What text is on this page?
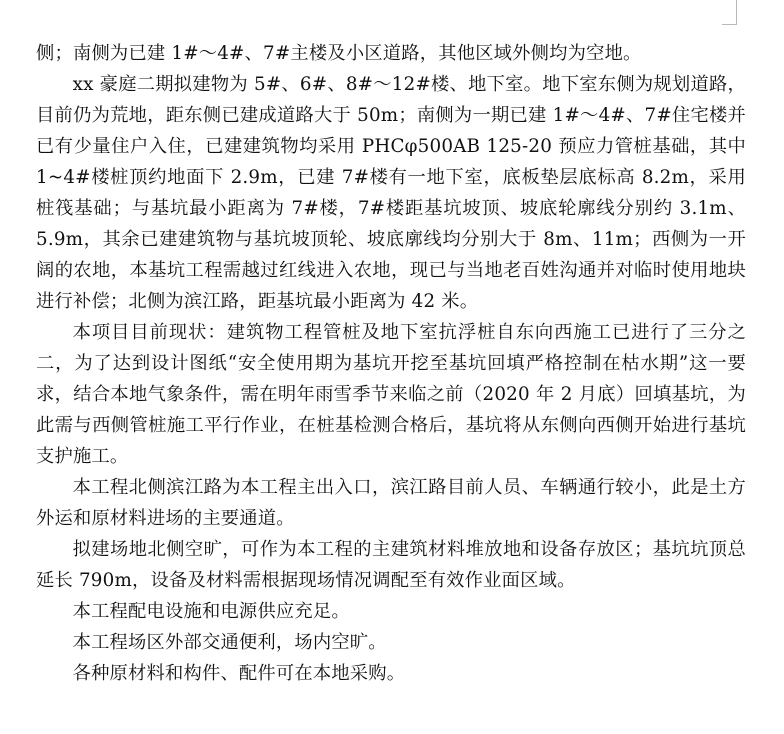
侧；南侧为已建 1#～4#、7#主楼及小区道路，其他区域外侧均为空地。

xx 豪庭二期拟建物为 5#、6#、8#～12#楼、地下室。地下室东侧为规划道路，目前仍为荒地，距东侧已建成道路大于 50m；南侧为一期已建 1#～4#、7#住宅楼并已有少量住户入住，已建建筑物均采用 PHCφ500AB 125-20 预应力管桩基础，其中 1~4#楼桩顶约地面下 2.9m，已建 7#楼有一地下室，底板垫层底标高 8.2m，采用桩筏基础；与基坑最小距离为 7#楼，7#楼距基坑坡顶、坡底轮廓线分别约 3.1m、5.9m，其余已建建筑物与基坑坡顶轮、坡底廓线均分别大于 8m、11m；西侧为一开阔的农地，本基坑工程需越过红线进入农地，现已与当地老百姓沟通并对临时使用地块进行补偿；北侧为滨江路，距基坑最小距离为 42 米。

本项目目前现状：建筑物工程管桩及地下室抗浮桩自东向西施工已进行了三分之二，为了达到设计图纸“安全使用期为基坑开挖至基坑回填严格控制在枯水期”这一要求，结合本地气象条件，需在明年雨雪季节来临之前（2020 年 2 月底）回填基坑，为此需与西侧管桩施工平行作业，在桩基检测合格后，基坑将从东侧向西侧开始进行基坑支护施工。

本工程北侧滨江路为本工程主出入口，滨江路目前人员、车辆通行较小，此是土方外运和原材料进场的主要通道。

拟建场地北侧空旷，可作为本工程的主建筑材料堆放地和设备存放区；基坑坑顶总延长 790m，设备及材料需根据现场情况调配至有效作业面区域。

本工程配电设施和电源供应充足。

本工程场区外部交通便利，场内空旷。

各种原材料和构件、配件可在本地采购。
